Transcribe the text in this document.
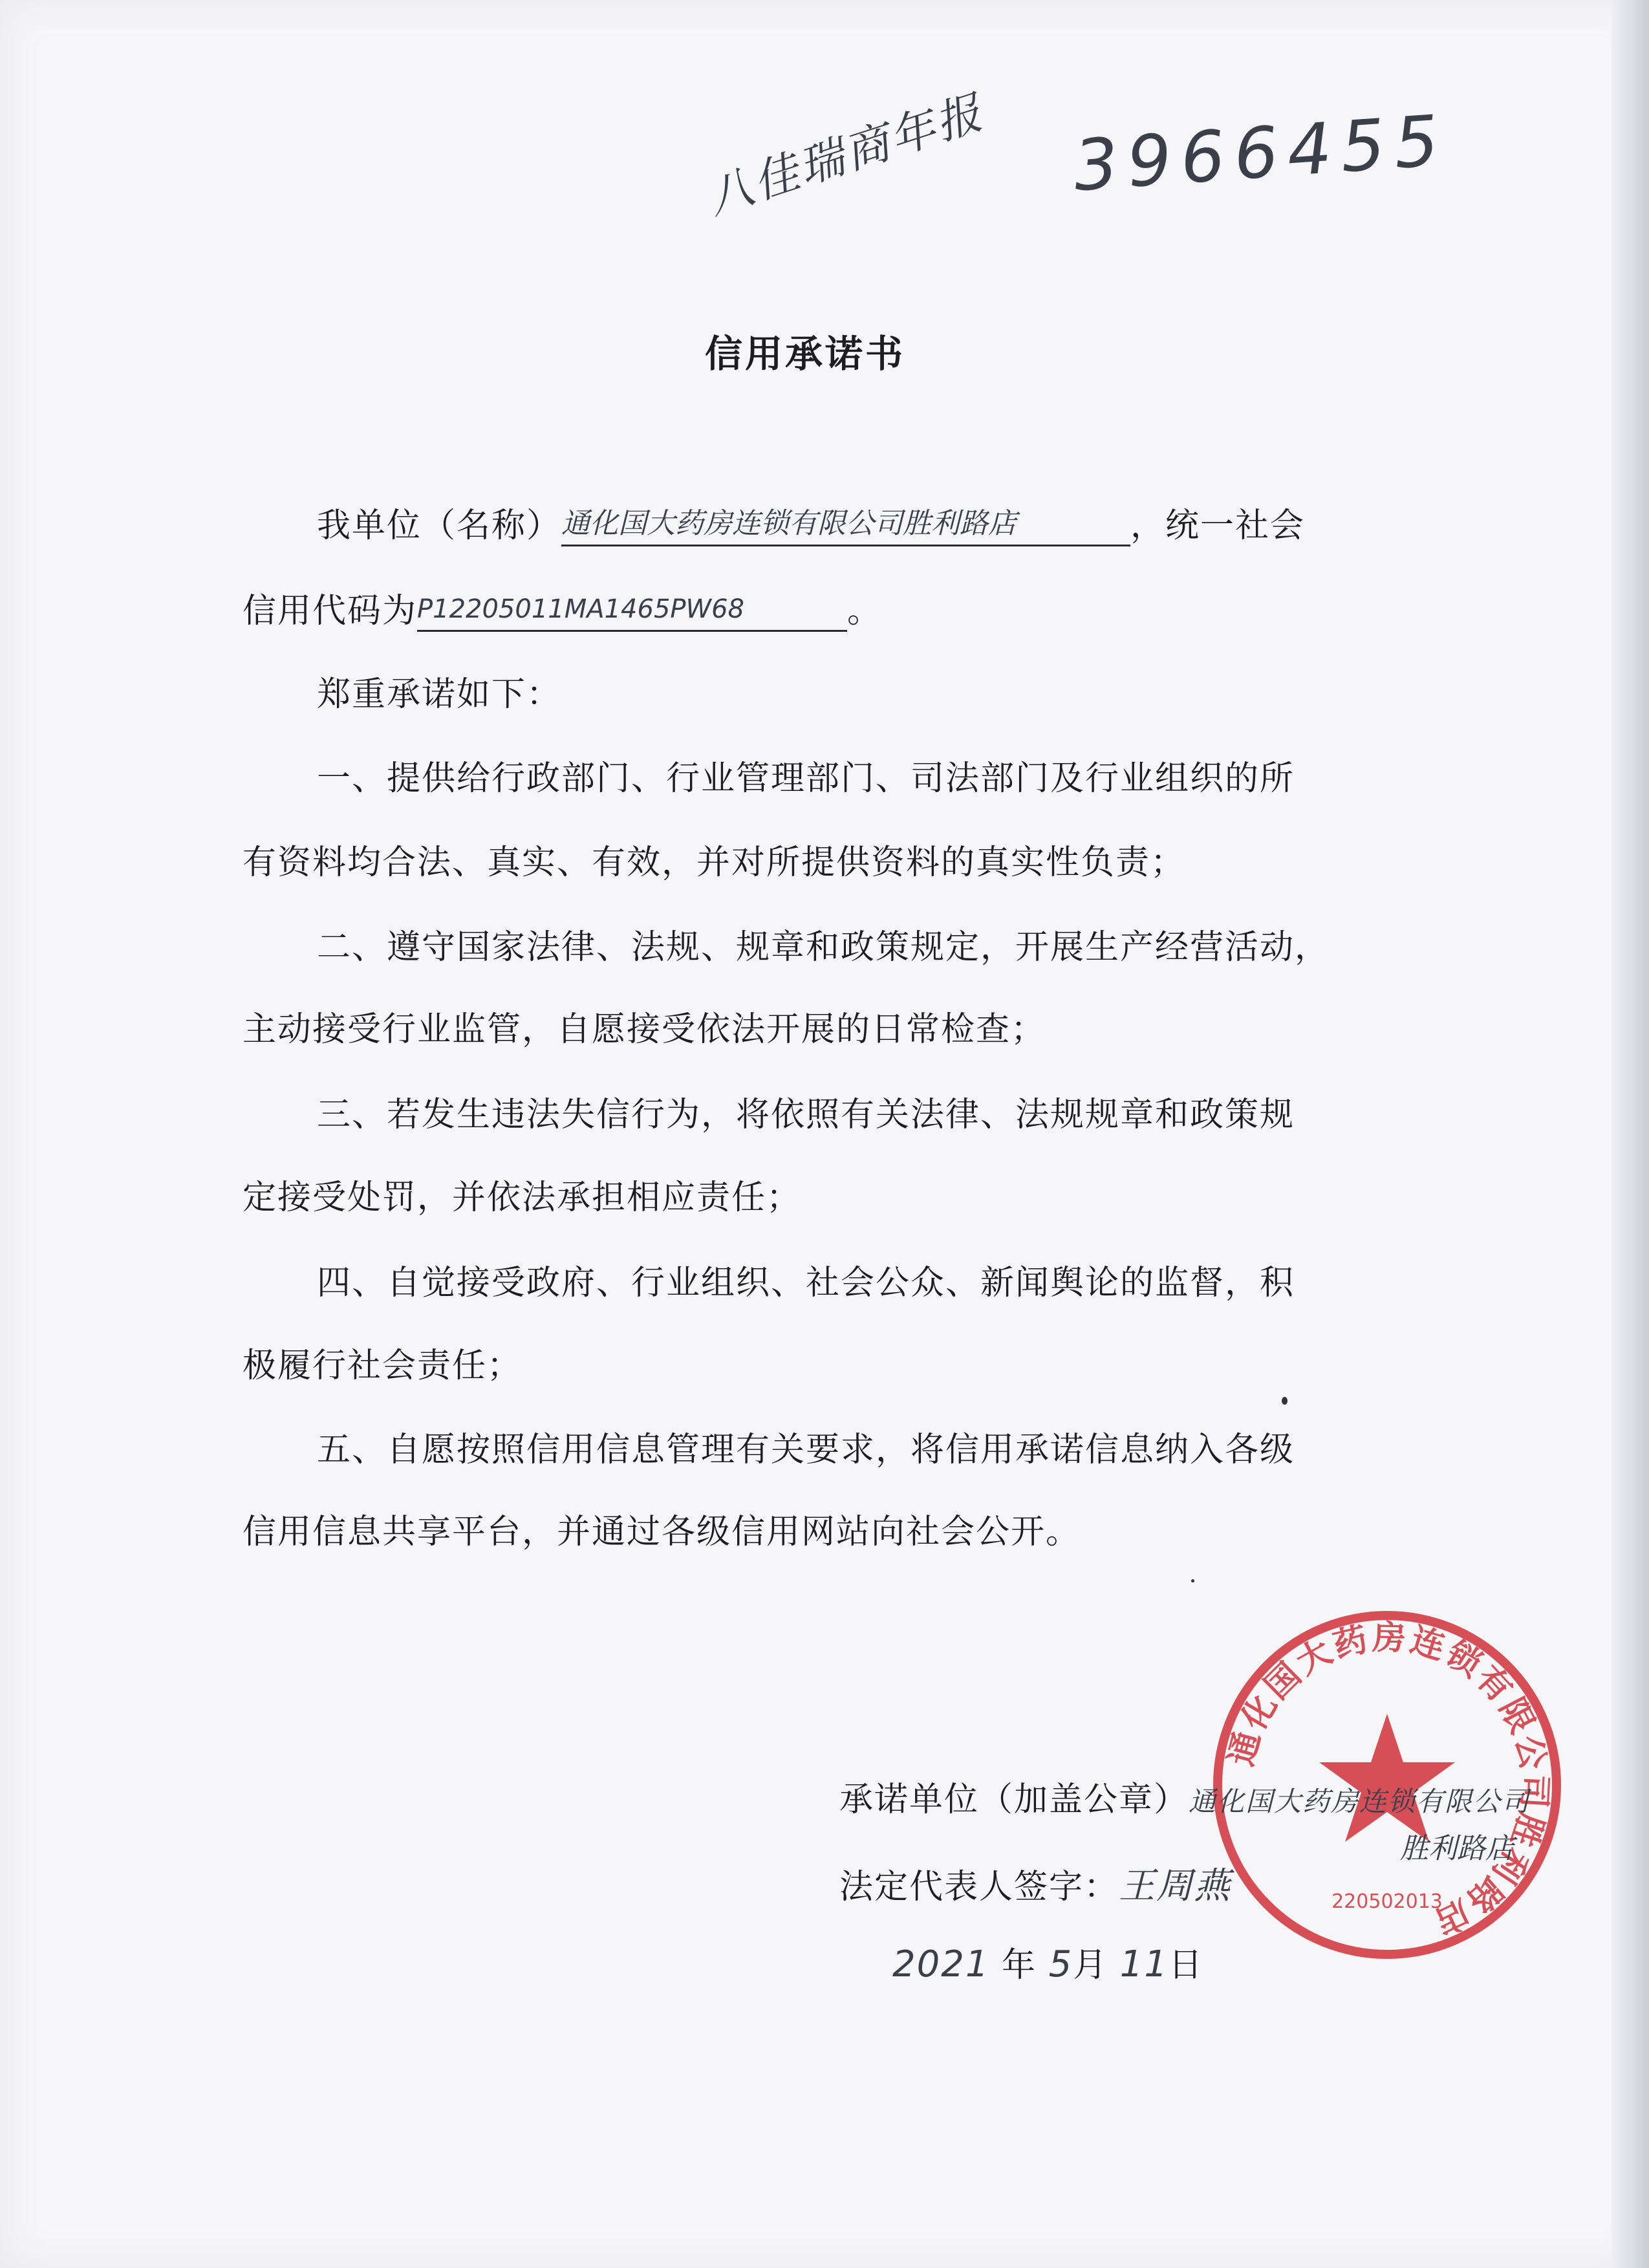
八佳瑞商年报 3966455
信用承诺书
我单位（名称）通化国大药房连锁有限公司胜利路店	，统一社会
信用代码为P12205011MA1465PW68	。
郑重承诺如下：
一、提供给行政部门、行业管理部门、司法部门及行业组织的所
有资料均合法、真实、有效，并对所提供资料的真实性负责；
二、遵守国家法律、法规、规章和政策规定，开展生产经营活动，
主动接受行业监管，自愿接受依法开展的日常检查；
三、若发生违法失信行为，将依照有关法律、法规规章和政策规
定接受处罚，并依法承担相应责任；
四、自觉接受政府、行业组织、社会公众、新闻舆论的监督，积
极履行社会责任；
五、自愿按照信用信息管理有关要求，将信用承诺信息纳入各级
信用信息共享平台，并通过各级信用网站向社会公开。
通化国大药房连锁有限公司胜利路店
220502013
承诺单位（加盖公章）通化国大药房连锁有限公司
胜利路店
法定代表人签字：王周燕
2021 年 5月 11日
